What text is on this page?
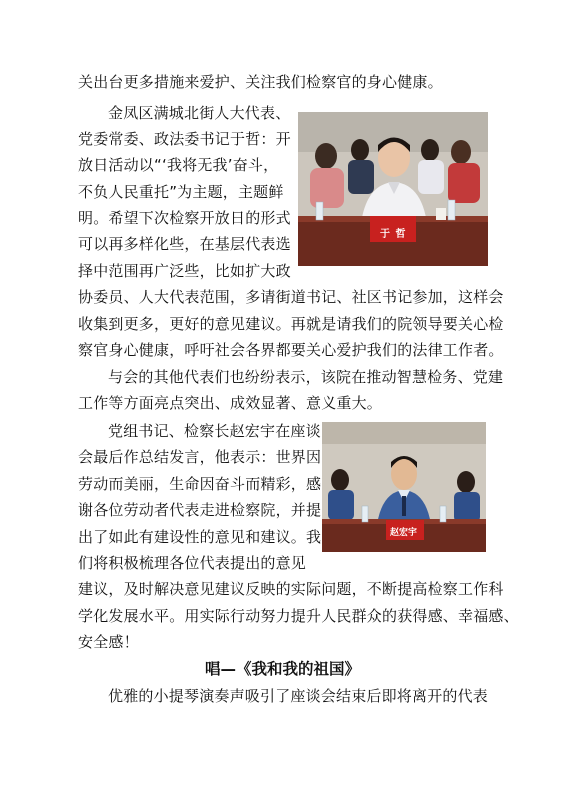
关出台更多措施来爱护、关注我们检察官的身心健康。
金凤区满城北街人大代表、
党委常委、政法委书记于哲：开
放日活动以“‘我将无我’奋斗，
不负人民重托”为主题，主题鲜
明。希望下次检察开放日的形式
可以再多样化些，在基层代表选
择中范围再广泛些，比如扩大政
协委员、人大代表范围，多请街道书记、社区书记参加，这样会
收集到更多，更好的意见建议。再就是请我们的院领导要关心检
察官身心健康，呼吁社会各界都要关心爱护我们的法律工作者。
与会的其他代表们也纷纷表示，该院在推动智慧检务、党建
工作等方面亮点突出、成效显著、意义重大。
党组书记、检察长赵宏宇在座谈
会最后作总结发言，他表示：世界因
劳动而美丽，生命因奋斗而精彩，感
谢各位劳动者代表走进检察院，并提
出了如此有建设性的意见和建议。我
们将积极梳理各位代表提出的意见
建议，及时解决意见建议反映的实际问题，不断提高检察工作科
学化发展水平。用实际行动努力提升人民群众的获得感、幸福感、
安全感！
唱—《我和我的祖国》
优雅的小提琴演奏声吸引了座谈会结束后即将离开的代表
于 哲
赵宏宇
